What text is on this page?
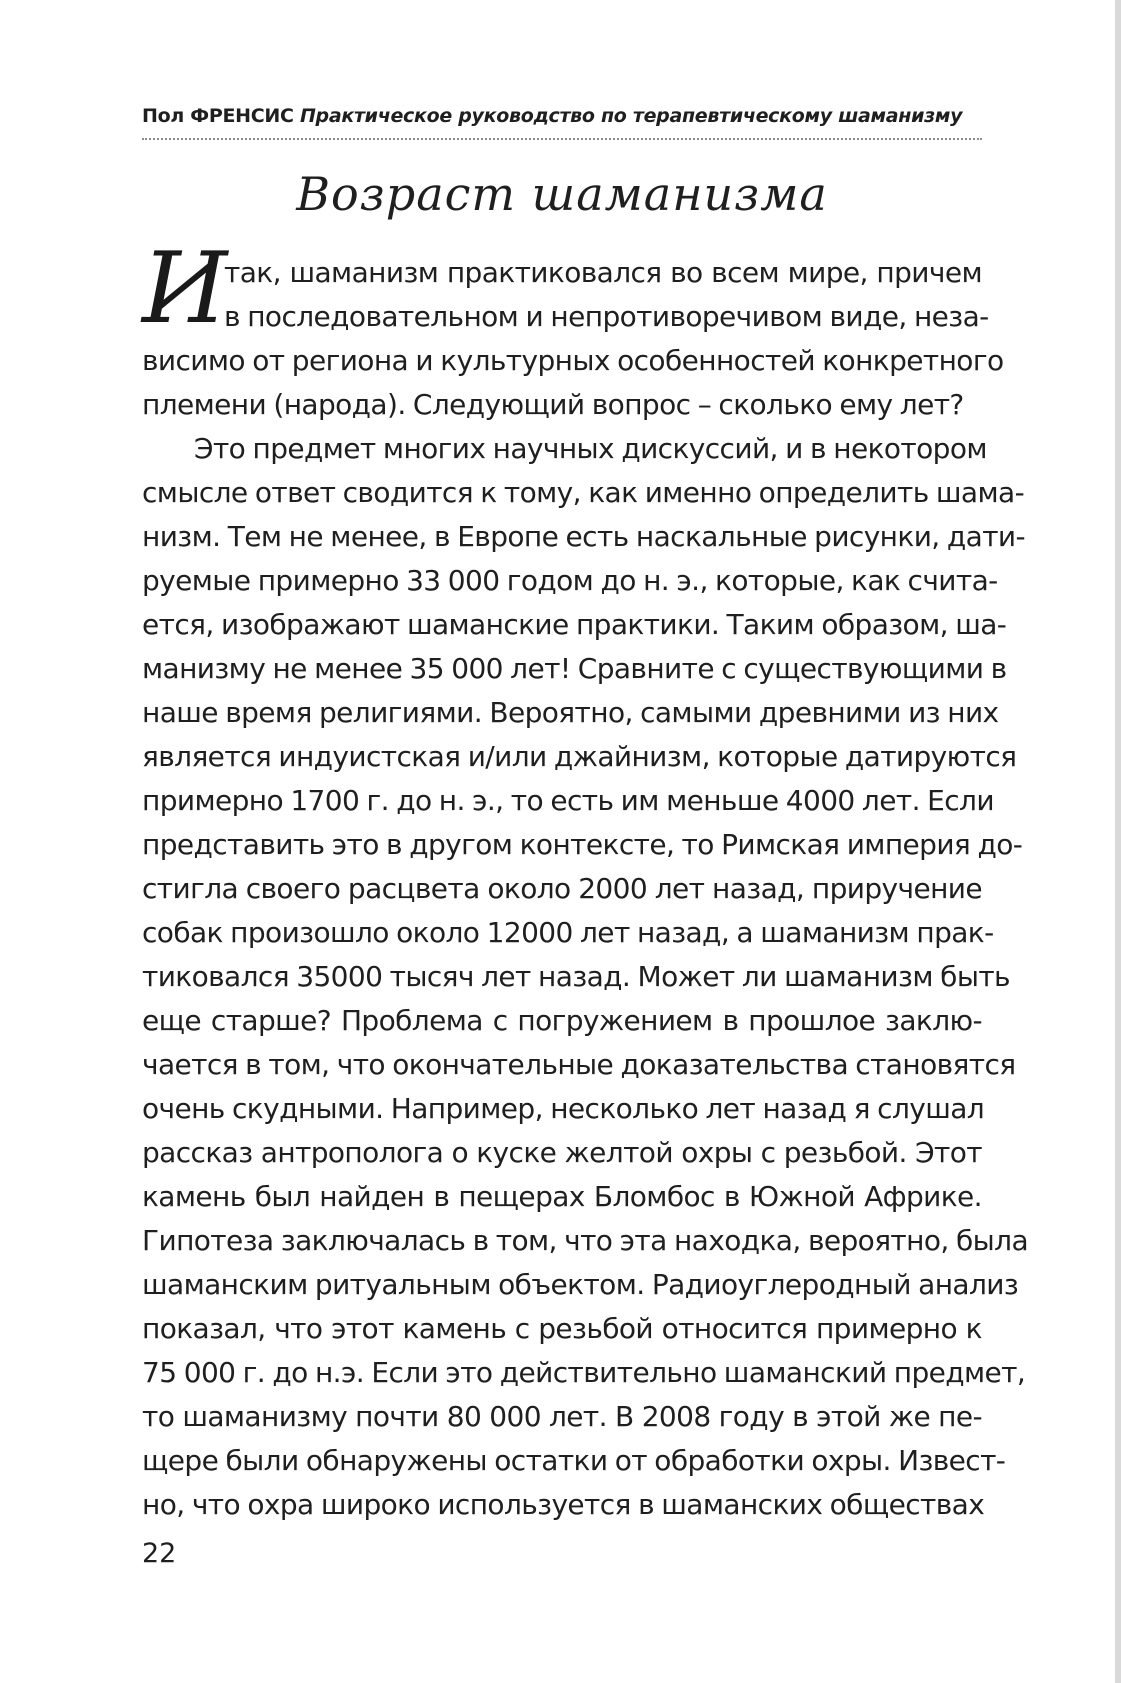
Пол ФРЕНСИС Практическое руководство по терапевтическому шаманизму
Возраст шаманизма
И
так, шаманизм практиковался во всем мире, причем
в последовательном и непротиворечивом виде, неза-
висимо от региона и культурных особенностей конкретного
племени (народа). Следующий вопрос – сколько ему лет?
Это предмет многих научных дискуссий, и в некотором
смысле ответ сводится к тому, как именно определить шама-
низм. Тем не менее, в Европе есть наскальные рисунки, дати-
руемые примерно 33 000 годом до н. э., которые, как счита-
ется, изображают шаманские практики. Таким образом, ша-
манизму не менее 35 000 лет! Сравните с существующими в
наше время религиями. Вероятно, самыми древними из них
является индуистская и/или джайнизм, которые датируются
примерно 1700 г. до н. э., то есть им меньше 4000 лет. Если
представить это в другом контексте, то Римская империя до-
стигла своего расцвета около 2000 лет назад, приручение
собак произошло около 12000 лет назад, а шаманизм прак-
тиковался 35000 тысяч лет назад. Может ли шаманизм быть
еще старше? Проблема с погружением в прошлое заклю-
чается в том, что окончательные доказательства становятся
очень скудными. Например, несколько лет назад я слушал
рассказ антрополога о куске желтой охры с резьбой. Этот
камень был найден в пещерах Бломбос в Южной Африке.
Гипотеза заключалась в том, что эта находка, вероятно, была
шаманским ритуальным объектом. Радиоуглеродный анализ
показал, что этот камень с резьбой относится примерно к
75 000 г. до н.э. Если это действительно шаманский предмет,
то шаманизму почти 80 000 лет. В 2008 году в этой же пе-
щере были обнаружены остатки от обработки охры. Извест-
но, что охра широко используется в шаманских обществах
22
